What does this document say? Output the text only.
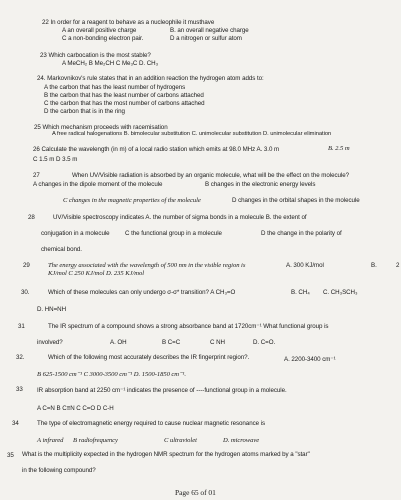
22 In order for a reagent to behave as a nucleophile it musthave
A an overall positive charge	B. an overall negative charge
C a non-bonding electron pair.	D a nitrogen or sulfur atom
23 Which carbocation is the most stable?
A MeCH₂ B Me₂CH C Me₃C D. CH₃
24. Markovnikov's rule states that in an addition reaction the hydrogen atom adds to:
A the carbon that has the least number of hydrogens
B the carbon that has the least number of carbons attached
C the carbon that has the most number of carbons attached
D the carbon that is in the ring
25 Which mechanism proceeds with racemisation
A free radical halogenations B. bimolecular substitution C. unimolecular substitution D. unimolecular elimination
26 Calculate the wavelength (in m) of a local radio station which emits at 98.0 MHz A. 3.0 m	B. 2.5 m
C 1.5 m D 3.5 m
27	When UV/Visible radiation is absorbed by an organic molecule, what will be the effect on the molecule?
A changes in the dipole moment of the molecule	B changes in the electronic energy levels
C changes in the magnetic properties of the molecule	D changes in the orbital shapes in the molecule
28	UV/Visible spectroscopy indicates A. the number of sigma bonds in a molecule B. the extent of
conjugation in a molecule C the functional group in a molecule	D the change in the polarity of
chemical bond.
29	The energy associated with the wavelength of 500 nm in the visible region is	A. 300 KJ/mol	B.	2
KJ/mol C 250 KJ/mol D. 235 KJ/mol
30.	Which of these molecules can only undergo σ-σ* transition? A CH₃=O	B. CH₄ C. CH₃SCH₃
D. HN=NH
31	The IR spectrum of a compound shows a strong absorbance band at 1720cm⁻¹ What functional group is
involved?	A. OH	B C=C	C NH	D. C=O.
32.	Which of the following most accurately describes the IR fingerprint region?.	A. 2200-3400 cm⁻¹
B 625-1500 cm⁻¹ C 3000-3500 cm⁻¹ D. 1500-1850 cm⁻¹.
33 IR absorption band at 2250 cm⁻¹ indicates the presence of ----functional group in a molecule.
A C=N B C≡N C C=O D C-H
34	The type of electromagnetic energy required to cause nuclear magnetic resonance is
A infrared B radiofrequency	C ultraviolet	D. microwave
35 What is the multiplicity expected in the hydrogen NMR spectrum for the hydrogen atoms marked by a "star"
in the following compound?
Page 65 of 01
